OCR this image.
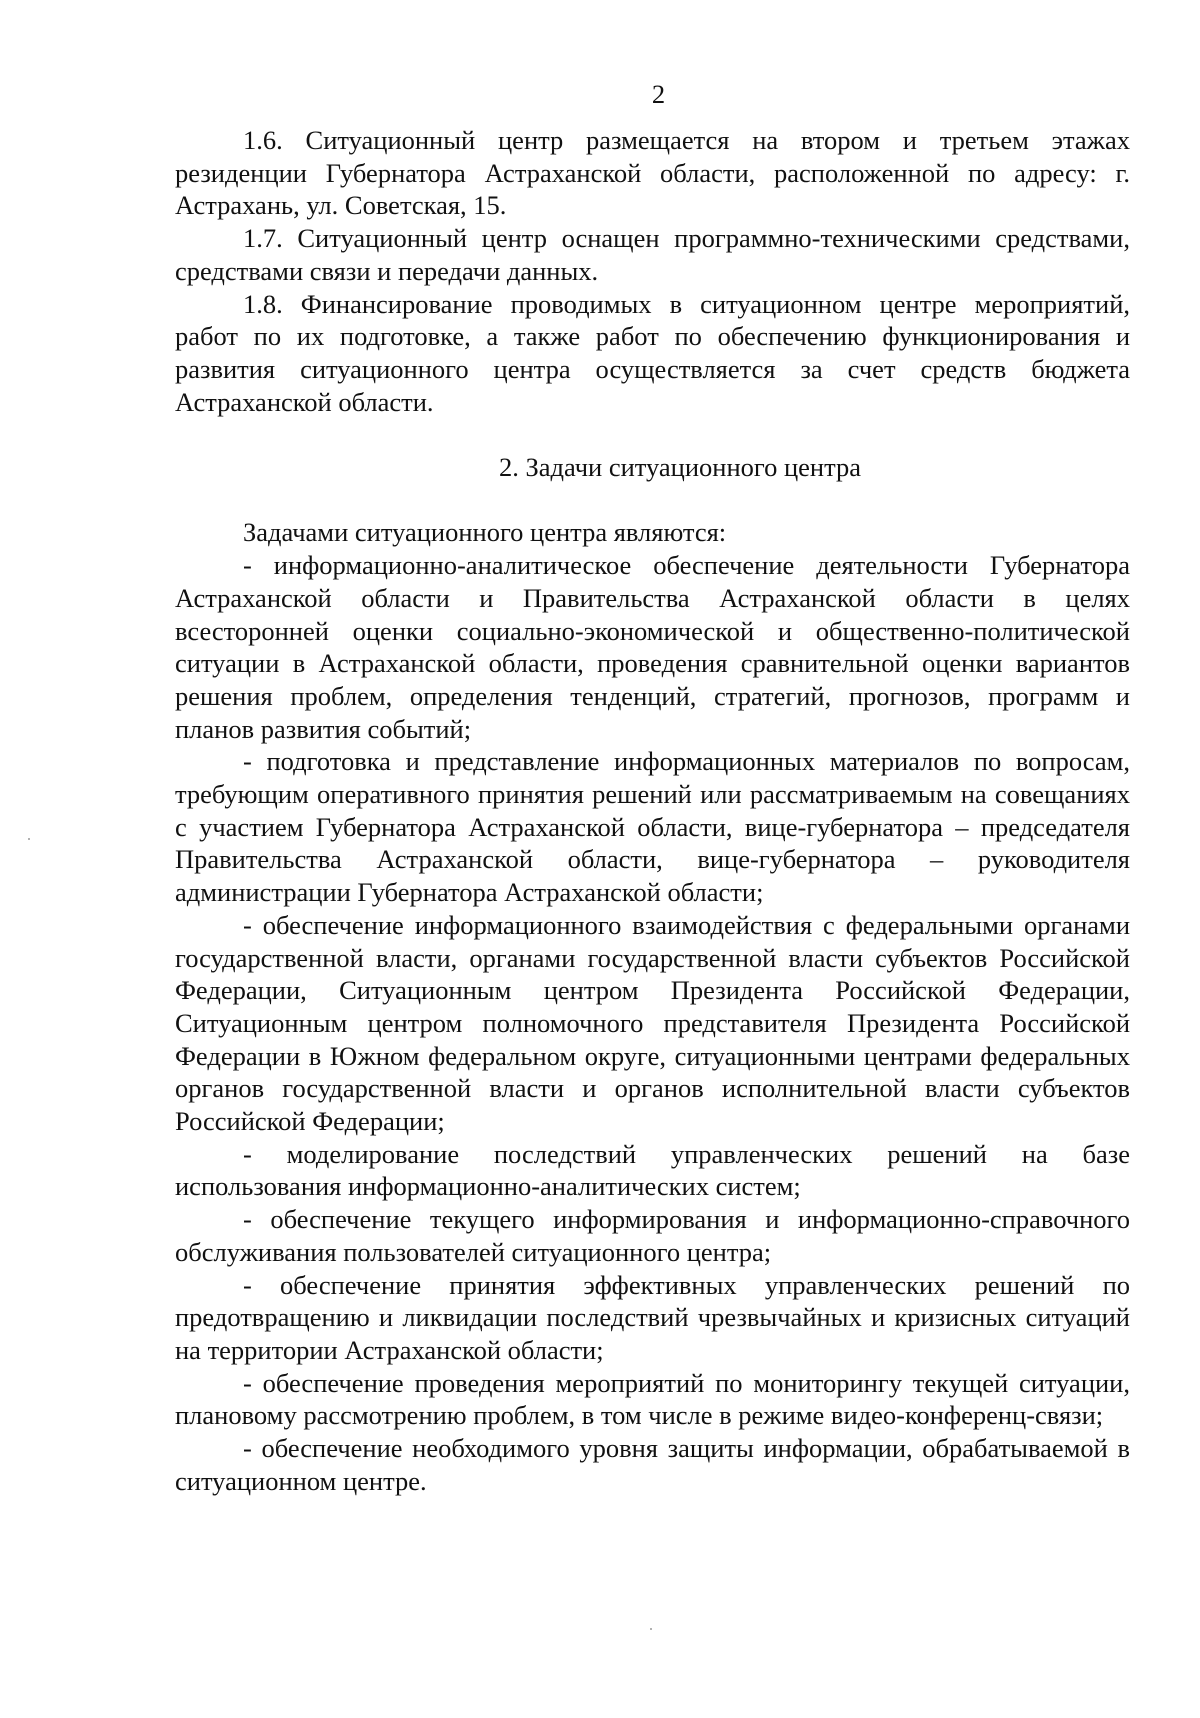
2

1.6. Ситуационный центр размещается на втором и третьем этажах резиденции Губернатора Астраханской области, расположенной по адресу: г. Астрахань, ул. Советская, 15.

1.7. Ситуационный центр оснащен программно-техническими средствами, средствами связи и передачи данных.

1.8. Финансирование проводимых в ситуационном центре мероприятий, работ по их подготовке, а также работ по обеспечению функционирования и развития ситуационного центра осуществляется за счет средств бюджета Астраханской области.

2. Задачи ситуационного центра

Задачами ситуационного центра являются:

- информационно-аналитическое обеспечение деятельности Губернатора Астраханской области и Правительства Астраханской области в целях всесторонней оценки социально-экономической и общественно-политической ситуации в Астраханской области, проведения сравнительной оценки вариантов решения проблем, определения тенденций, стратегий, прогнозов, программ и планов развития событий;

- подготовка и представление информационных материалов по вопросам, требующим оперативного принятия решений или рассматриваемым на совещаниях с участием Губернатора Астраханской области, вице-губернатора – председателя Правительства Астраханской области, вице-губернатора – руководителя администрации Губернатора Астраханской области;

- обеспечение информационного взаимодействия с федеральными органами государственной власти, органами государственной власти субъектов Российской Федерации, Ситуационным центром Президента Российской Федерации, Ситуационным центром полномочного представителя Президента Российской Федерации в Южном федеральном округе, ситуационными центрами федеральных органов государственной власти и органов исполнительной власти субъектов Российской Федерации;

- моделирование последствий управленческих решений на базе использования информационно-аналитических систем;

- обеспечение текущего информирования и информационно-справочного обслуживания пользователей ситуационного центра;

- обеспечение принятия эффективных управленческих решений по предотвращению и ликвидации последствий чрезвычайных и кризисных ситуаций на территории Астраханской области;

- обеспечение проведения мероприятий по мониторингу текущей ситуации, плановому рассмотрению проблем, в том числе в режиме видео-конференц-связи;

- обеспечение необходимого уровня защиты информации, обрабатываемой в ситуационном центре.
